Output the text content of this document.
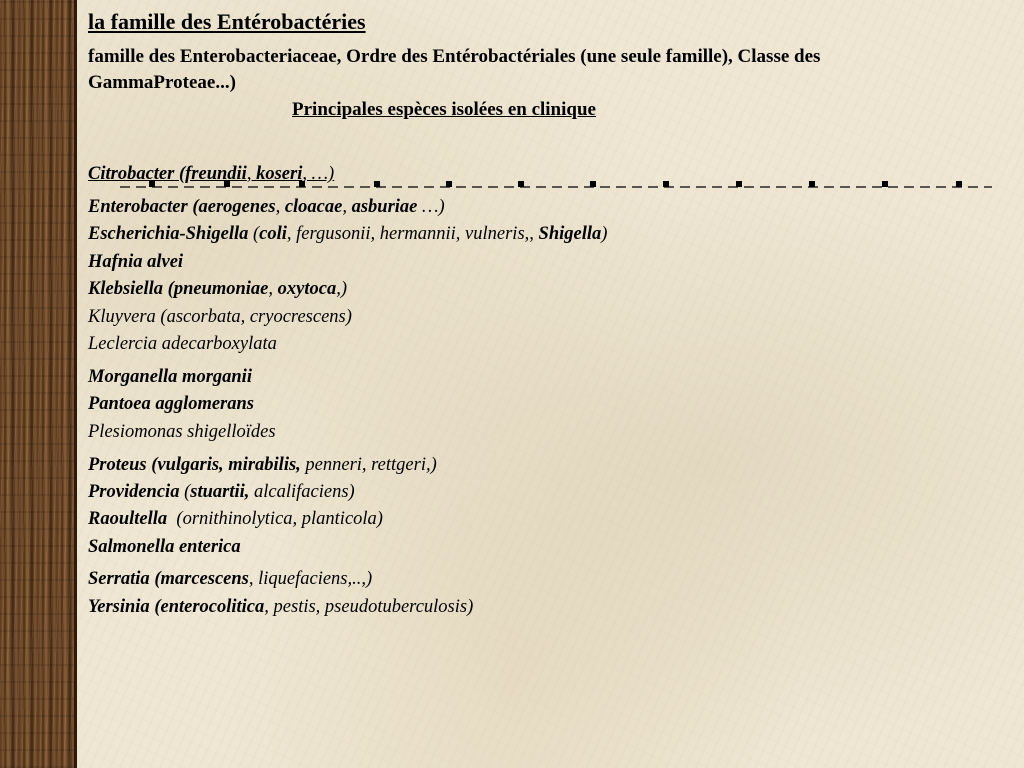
la famille des Entérobactéries
famille des Enterobacteriaceae, Ordre des Entérobactériales (une seule famille), Classe des
GammaProteae...)
Principales espèces isolées en clinique
Citrobacter (freundii, koseri, …)
Enterobacter (aerogenes, cloacae, asburiae …)
Escherichia-Shigella (coli, fergusonii, hermannii, vulneris,, Shigella)
Hafnia alvei
Klebsiella (pneumoniae, oxytoca,)
Kluyvera (ascorbata, cryocrescens)
Leclercia adecarboxylata
Morganella morganii
Pantoea agglomerans
Plesiomonas shigelloïdes
Proteus (vulgaris, mirabilis, penneri, rettgeri,)
Providencia (stuartii, alcalifaciens)
Raoultella  (ornithinolytica, planticola)
Salmonella enterica
Serratia (marcescens, liquefaciens,..,)
Yersinia (enterocolitica, pestis, pseudotuberculosis)
